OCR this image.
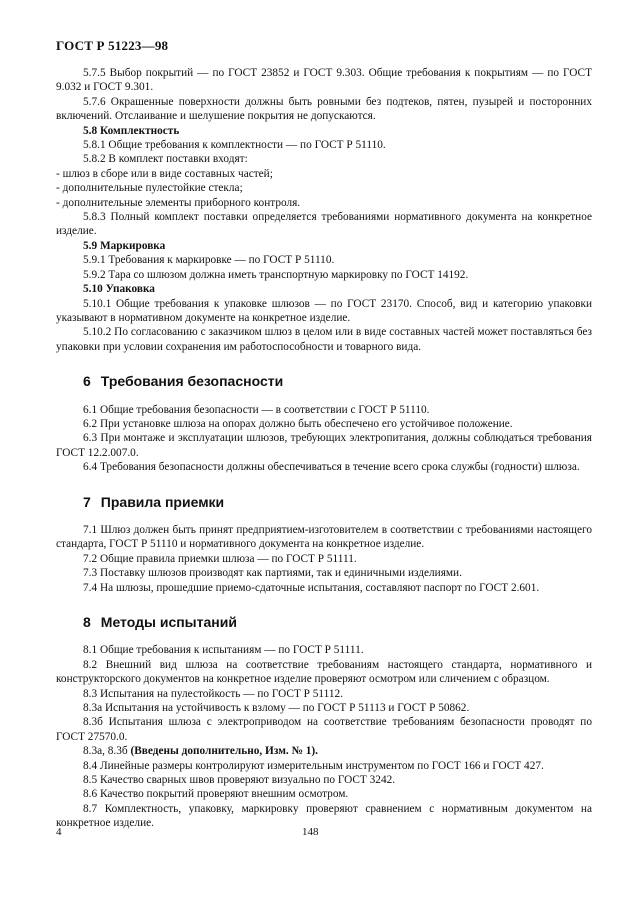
ГОСТ Р 51223—98

5.7.5 Выбор покрытий — по ГОСТ 23852 и ГОСТ 9.303. Общие требования к покрытиям — по ГОСТ 9.032 и ГОСТ 9.301.

5.7.6 Окрашенные поверхности должны быть ровными без подтеков, пятен, пузырей и посторонних включений. Отслаивание и шелушение покрытия не допускаются.

5.8 Комплектность

5.8.1 Общие требования к комплектности — по ГОСТ Р 51110.

5.8.2 В комплект поставки входят:

- шлюз в сборе или в виде составных частей;

- дополнительные пулестойкие стекла;

- дополнительные элементы приборного контроля.

5.8.3 Полный комплект поставки определяется требованиями нормативного документа на конкретное изделие.

5.9 Маркировка

5.9.1 Требования к маркировке — по ГОСТ Р 51110.

5.9.2 Тара со шлюзом должна иметь транспортную маркировку по ГОСТ 14192.

5.10 Упаковка

5.10.1 Общие требования к упаковке шлюзов — по ГОСТ 23170. Способ, вид и категорию упаковки указывают в нормативном документе на конкретное изделие.

5.10.2 По согласованию с заказчиком шлюз в целом или в виде составных частей может поставляться без упаковки при условии сохранения им работоспособности и товарного вида.

6 Требования безопасности

6.1 Общие требования безопасности — в соответствии с ГОСТ Р 51110.

6.2 При установке шлюза на опорах должно быть обеспечено его устойчивое положение.

6.3 При монтаже и эксплуатации шлюзов, требующих электропитания, должны соблюдаться требования ГОСТ 12.2.007.0.

6.4 Требования безопасности должны обеспечиваться в течение всего срока службы (годности) шлюза.

7 Правила приемки

7.1 Шлюз должен быть принят предприятием-изготовителем в соответствии с требованиями настоящего стандарта, ГОСТ Р 51110 и нормативного документа на конкретное изделие.

7.2 Общие правила приемки шлюза — по ГОСТ Р 51111.

7.3 Поставку шлюзов производят как партиями, так и единичными изделиями.

7.4 На шлюзы, прошедшие приемо-сдаточные испытания, составляют паспорт по ГОСТ 2.601.

8 Методы испытаний

8.1 Общие требования к испытаниям — по ГОСТ Р 51111.

8.2 Внешний вид шлюза на соответствие требованиям настоящего стандарта, нормативного и конструкторского документов на конкретное изделие проверяют осмотром или сличением с образцом.

8.3 Испытания на пулестойкость — по ГОСТ Р 51112.

8.3а Испытания на устойчивость к взлому — по ГОСТ Р 51113 и ГОСТ Р 50862.

8.3б Испытания шлюза с электроприводом на соответствие требованиям безопасности проводят по ГОСТ 27570.0.

8.3а, 8.3б (Введены дополнительно, Изм. № 1).

8.4 Линейные размеры контролируют измерительным инструментом по ГОСТ 166 и ГОСТ 427.

8.5 Качество сварных швов проверяют визуально по ГОСТ 3242.

8.6 Качество покрытий проверяют внешним осмотром.

8.7 Комплектность, упаковку, маркировку проверяют сравнением с нормативным документом на конкретное изделие.

4	148
